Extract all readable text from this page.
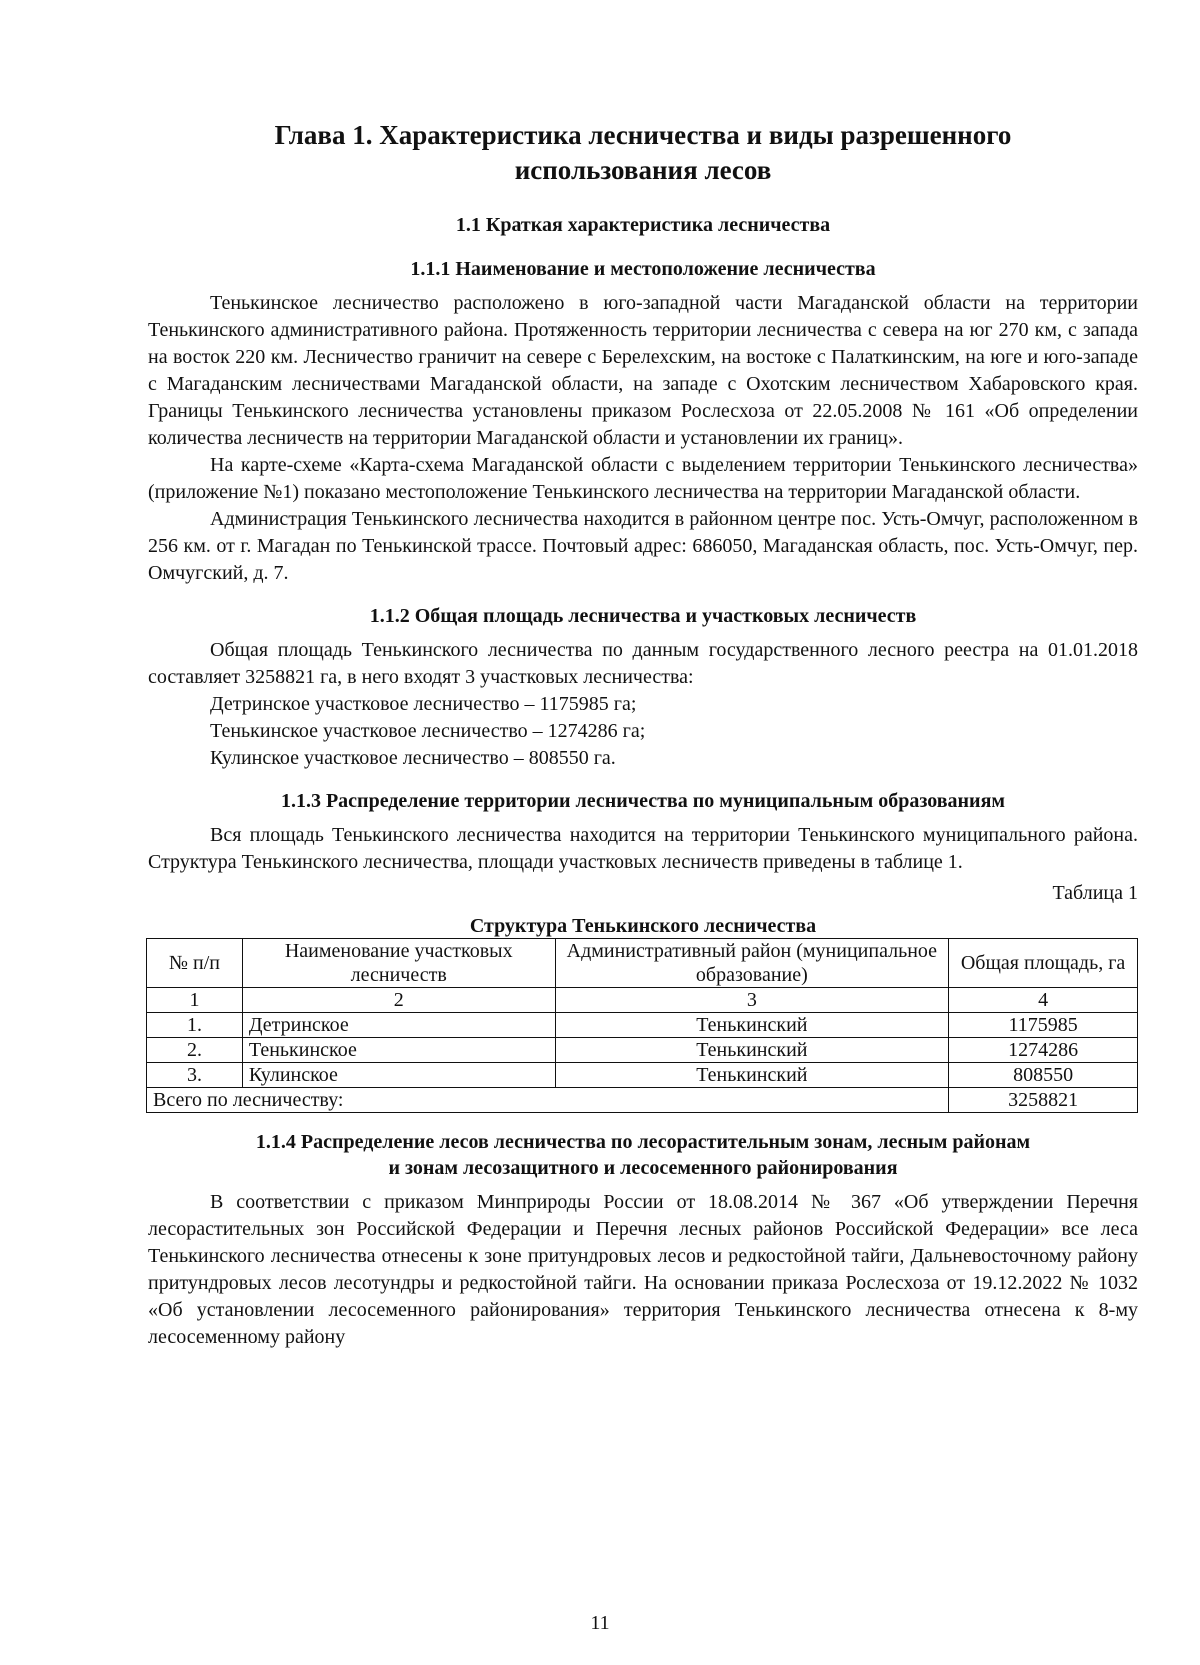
Глава 1. Характеристика лесничества и виды разрешенного
использования лесов
1.1 Краткая характеристика лесничества
1.1.1 Наименование и местоположение лесничества

Тенькинское лесничество расположено в юго-западной части Магаданской области на территории Тенькинского административного района. Протяженность территории лесничества с севера на юг 270 км, с запада на восток 220 км. Лесничество граничит на севере с Берелехским, на востоке с Палаткинским, на юге и юго-западе с Магаданским лесничествами Магаданской области, на западе с Охотским лесничеством Хабаровского края. Границы Тенькинского лесничества установлены приказом Рослесхоза от 22.05.2008 № 161 «Об определении количества лесничеств на территории Магаданской области и установлении их границ».

На карте-схеме «Карта-схема Магаданской области с выделением территории Тенькинского лесничества» (приложение №1) показано местоположение Тенькинского лесничества на территории Магаданской области.

Администрация Тенькинского лесничества находится в районном центре пос. Усть-Омчуг, расположенном в 256 км. от г. Магадан по Тенькинской трассе. Почтовый адрес: 686050, Магаданская область, пос. Усть-Омчуг, пер. Омчугский, д. 7.

1.1.2 Общая площадь лесничества и участковых лесничеств

Общая площадь Тенькинского лесничества по данным государственного лесного реестра на 01.01.2018 составляет 3258821 га, в него входят 3 участковых лесничества:

Детринское участковое лесничество – 1175985 га;
Тенькинское участковое лесничество – 1274286 га;
Кулинское участковое лесничество – 808550 га.
1.1.3 Распределение территории лесничества по муниципальным образованиям

Вся площадь Тенькинского лесничества находится на территории Тенькинского муниципального района. Структура Тенькинского лесничества, площади участковых лесничеств приведены в таблице 1.

Таблица 1
Структура Тенькинского лесничества
№ п/п	Наименование участковых лесничеств	Административный район (муниципальное образование)	Общая площадь, га
1	2	3	4
1.	Детринское	Тенькинский	1175985
2.	Тенькинское	Тенькинский	1274286
3.	Кулинское	Тенькинский	808550
Всего по лесничеству:			3258821
1.1.4 Распределение лесов лесничества по лесорастительным зонам, лесным районам
и зонам лесозащитного и лесосеменного районирования

В соответствии с приказом Минприроды России от 18.08.2014 № 367 «Об утверждении Перечня лесорастительных зон Российской Федерации и Перечня лесных районов Российской Федерации» все леса Тенькинского лесничества отнесены к зоне притундровых лесов и редкостойной тайги, Дальневосточному району притундровых лесов лесотундры и редкостойной тайги. На основании приказа Рослесхоза от 19.12.2022 № 1032 «Об установлении лесосеменного районирования» территория Тенькинского лесничества отнесена к 8-му лесосеменному району

11
